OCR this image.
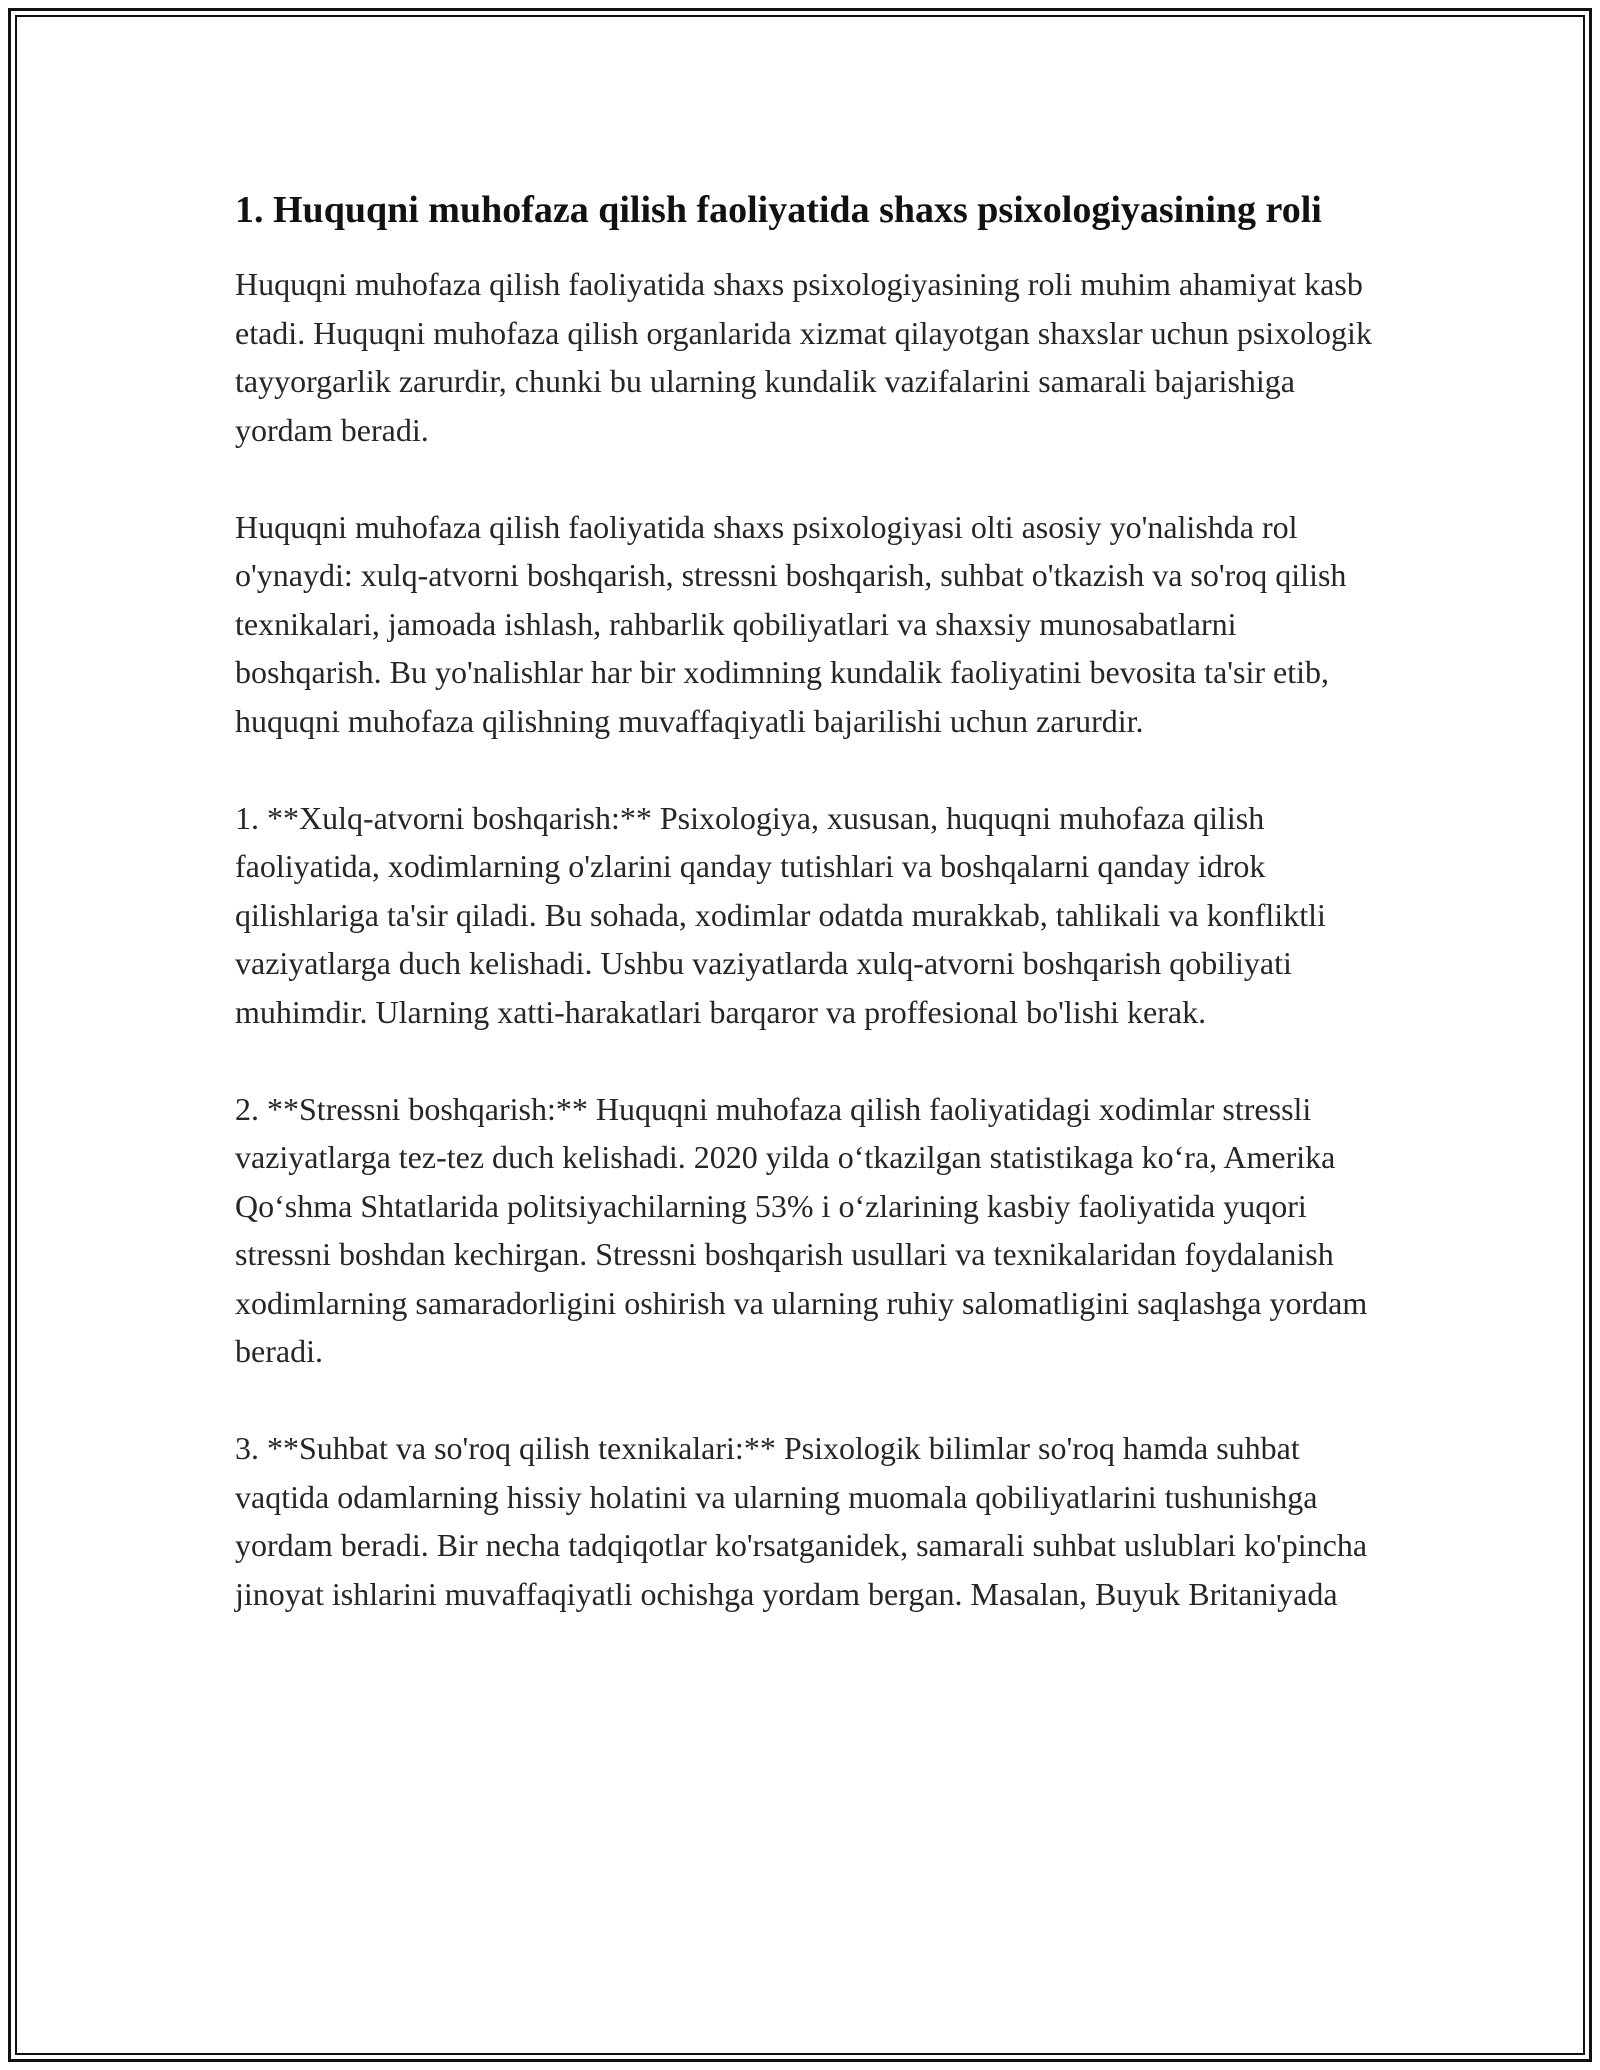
1. Huquqni muhofaza qilish faoliyatida shaxs psixologiyasining roli

Huquqni muhofaza qilish faoliyatida shaxs psixologiyasining roli muhim ahamiyat kasb etadi. Huquqni muhofaza qilish organlarida xizmat qilayotgan shaxslar uchun psixologik tayyorgarlik zarurdir, chunki bu ularning kundalik vazifalarini samarali bajarishiga yordam beradi.

Huquqni muhofaza qilish faoliyatida shaxs psixologiyasi olti asosiy yo'nalishda rol o'ynaydi: xulq-atvorni boshqarish, stressni boshqarish, suhbat o'tkazish va so'roq qilish texnikalari, jamoada ishlash, rahbarlik qobiliyatlari va shaxsiy munosabatlarni boshqarish. Bu yo'nalishlar har bir xodimning kundalik faoliyatini bevosita ta'sir etib, huquqni muhofaza qilishning muvaffaqiyatli bajarilishi uchun zarurdir.

1. **Xulq-atvorni boshqarish:** Psixologiya, xususan, huquqni muhofaza qilish faoliyatida, xodimlarning o'zlarini qanday tutishlari va boshqalarni qanday idrok qilishlariga ta'sir qiladi. Bu sohada, xodimlar odatda murakkab, tahlikali va konfliktli vaziyatlarga duch kelishadi. Ushbu vaziyatlarda xulq-atvorni boshqarish qobiliyati muhimdir. Ularning xatti-harakatlari barqaror va proffesional bo'lishi kerak.

2. **Stressni boshqarish:** Huquqni muhofaza qilish faoliyatidagi xodimlar stressli vaziyatlarga tez-tez duch kelishadi. 2020 yilda o‘tkazilgan statistikaga ko‘ra, Amerika Qo‘shma Shtatlarida politsiyachilarning 53% i o‘zlarining kasbiy faoliyatida yuqori stressni boshdan kechirgan. Stressni boshqarish usullari va texnikalaridan foydalanish xodimlarning samaradorligini oshirish va ularning ruhiy salomatligini saqlashga yordam beradi.

3. **Suhbat va so'roq qilish texnikalari:** Psixologik bilimlar so'roq hamda suhbat vaqtida odamlarning hissiy holatini va ularning muomala qobiliyatlarini tushunishga yordam beradi. Bir necha tadqiqotlar ko'rsatganidek, samarali suhbat uslublari ko'pincha jinoyat ishlarini muvaffaqiyatli ochishga yordam bergan. Masalan, Buyuk Britaniyada
